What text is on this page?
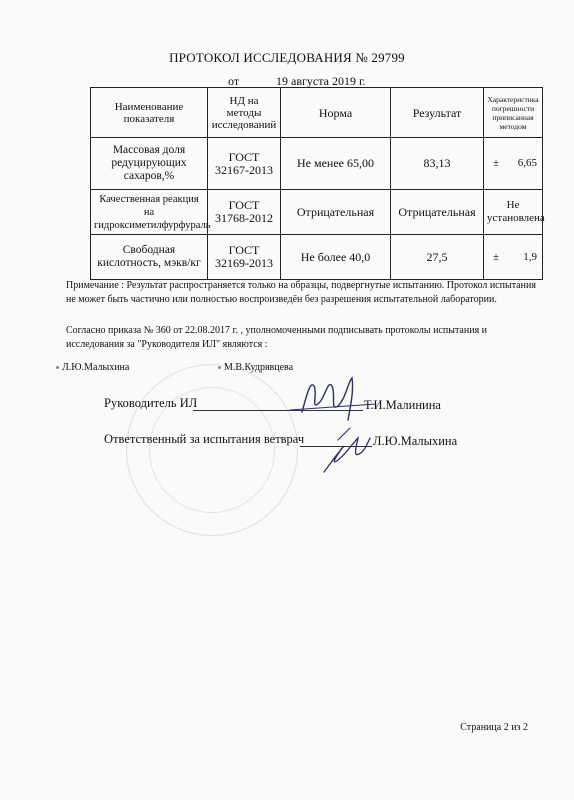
ПРОТОКОЛ ИССЛЕДОВАНИЯ № 29799
от	19 августа 2019 г.
Наименование показателя	НД на методы исследований	Норма	Результат	Характеристика погрешности приписанная методом
Массовая доля редуцирующих сахаров,%	ГОСТ 32167-2013	Не менее 65,00	83,13	± 6,65

Качественная реакция на гидроксиметилфурфураль	ГОСТ 31768-2012	Отрицательная	Отрицательная	Не установлена
Свободная кислотность, мэкв/кг	ГОСТ 32169-2013	Не более 40,0	27,5	± 1,9
Примечание : Результат распространяется только на образцы, подвергнутые испытанию. Протокол испытания не может быть частично или полностью воспроизведён без разрешения испытательной лаборатории.
Согласно приказа № 360 от 22.08.2017 г. , уполномоченными подписывать протоколы испытания и исследования за "Руководителя ИЛ" являются :
Л.Ю.Малыхина	М.В.Кудрявцева
Руководитель ИЛ	Т.И.Малинина
Ответственный за испытания ветврач	Л.Ю.Малыхина
Страница 2 из 2
